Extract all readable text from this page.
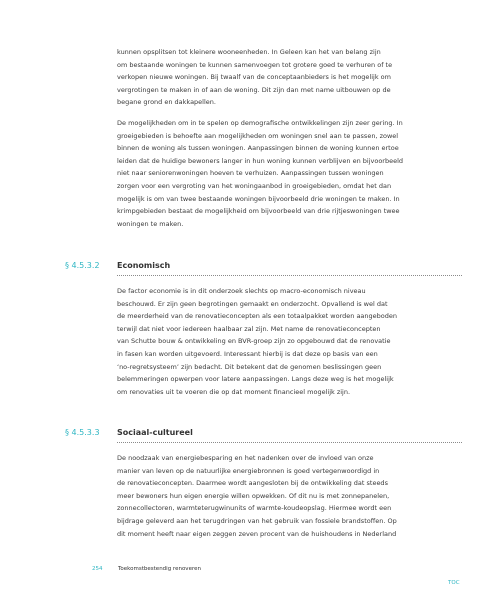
kunnen opsplitsen tot kleinere wooneenheden. In Geleen kan het van belang zijn
om bestaande woningen te kunnen samenvoegen tot grotere goed te verhuren of te
verkopen nieuwe woningen. Bij twaalf van de conceptaanbieders is het mogelijk om
vergrotingen te maken in of aan de woning. Dit zijn dan met name uitbouwen op de
begane grond en dakkapellen.

De mogelijkheden om in te spelen op demografische ontwikkelingen zijn zeer gering. In
groeigebieden is behoefte aan mogelijkheden om woningen snel aan te passen, zowel
binnen de woning als tussen woningen. Aanpassingen binnen de woning kunnen ertoe
leiden dat de huidige bewoners langer in hun woning kunnen verblijven en bijvoorbeeld
niet naar seniorenwoningen hoeven te verhuizen. Aanpassingen tussen woningen
zorgen voor een vergroting van het woningaanbod in groeigebieden, omdat het dan
mogelijk is om van twee bestaande woningen bijvoorbeeld drie woningen te maken. In
krimpgebieden bestaat de mogelijkheid om bijvoorbeeld van drie rijtjeswoningen twee
woningen te maken.

§ 4.5.3.2 Economisch

De factor economie is in dit onderzoek slechts op macro-economisch niveau
beschouwd. Er zijn geen begrotingen gemaakt en onderzocht. Opvallend is wel dat
de meerderheid van de renovatieconcepten als een totaalpakket worden aangeboden
terwijl dat niet voor iedereen haalbaar zal zijn. Met name de renovatieconcepten
van Schutte bouw & ontwikkeling en BVR-groep zijn zo opgebouwd dat de renovatie
in fasen kan worden uitgevoerd. Interessant hierbij is dat deze op basis van een
‘no-regretsysteem’ zijn bedacht. Dit betekent dat de genomen beslissingen geen
belemmeringen opwerpen voor latere aanpassingen. Langs deze weg is het mogelijk
om renovaties uit te voeren die op dat moment financieel mogelijk zijn.

§ 4.5.3.3 Sociaal-cultureel

De noodzaak van energiebesparing en het nadenken over de invloed van onze
manier van leven op de natuurlijke energiebronnen is goed vertegenwoordigd in
de renovatieconcepten. Daarmee wordt aangesloten bij de ontwikkeling dat steeds
meer bewoners hun eigen energie willen opwekken. Of dit nu is met zonnepanelen,
zonnecollectoren, warmteterugwinunits of warmte-koudeopslag. Hiermee wordt een
bijdrage geleverd aan het terugdringen van het gebruik van fossiele brandstoffen. Op
dit moment heeft naar eigen zeggen zeven procent van de huishoudens in Nederland

254	Toekomstbestendig renoveren
TOC
